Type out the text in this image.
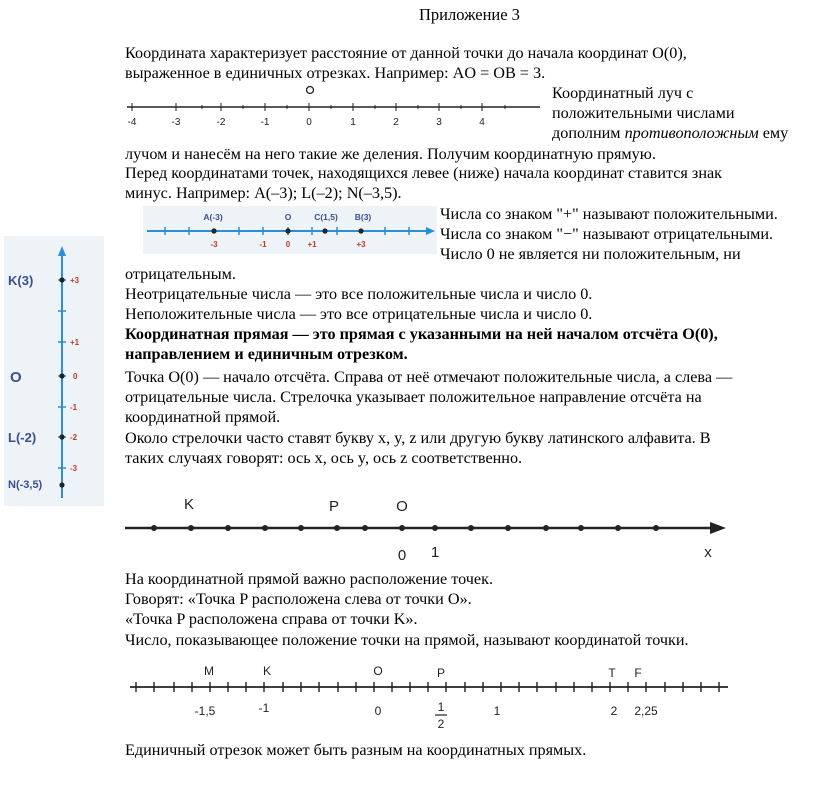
Приложение 3
Координата характеризует расстояние от данной точки до начала координат O(0),
выраженное в единичных отрезках. Например: AO = OB = 3.
Координатный луч с
положительными числами
дополним противоположным ему
лучом и нанесём на него такие же деления. Получим координатную прямую.
Перед координатами точек, находящихся левее (ниже) начала координат ставится знак
минус. Например: A(–3); L(–2); N(–3,5).
Числа со знаком "+" называют положительными.
Числа со знаком "−" называют отрицательными.
Число 0 не является ни положительным, ни
отрицательным.
Неотрицательные числа — это все положительные числа и число 0.
Неположительные числа — это все отрицательные числа и число 0.
Координатная прямая — это прямая с указанными на ней началом отсчёта O(0),
направлением и единичным отрезком.
Точка O(0) — начало отсчёта. Справа от неё отмечают положительные числа, а слева —
отрицательные числа. Стрелочка указывает положительное направление отсчёта на
координатной прямой.
Около стрелочки часто ставят букву x, y, z или другую букву латинского алфавита. В
таких случаях говорят: ось x, ось y, ось z соответственно.
На координатной прямой важно расположение точек.
Говорят: «Точка P расположена слева от точки O».
«Точка P расположена справа от точки K».
Число, показывающее положение точки на прямой, называют координатой точки.
Единичный отрезок может быть разным на координатных прямых.
-4	-3	-2	-1	0	1	2	3	4
A(-3)	O	C(1,5) B(3)
-3	-1 0 +1	+3
K(3)
O
L(-2)
N(-3,5)
+3
+1
0
-1
-2
-3
K	P	O
0 1	x
M	K	O	P	T F
-1,5	-1	0	1
2
1	2 2,25
